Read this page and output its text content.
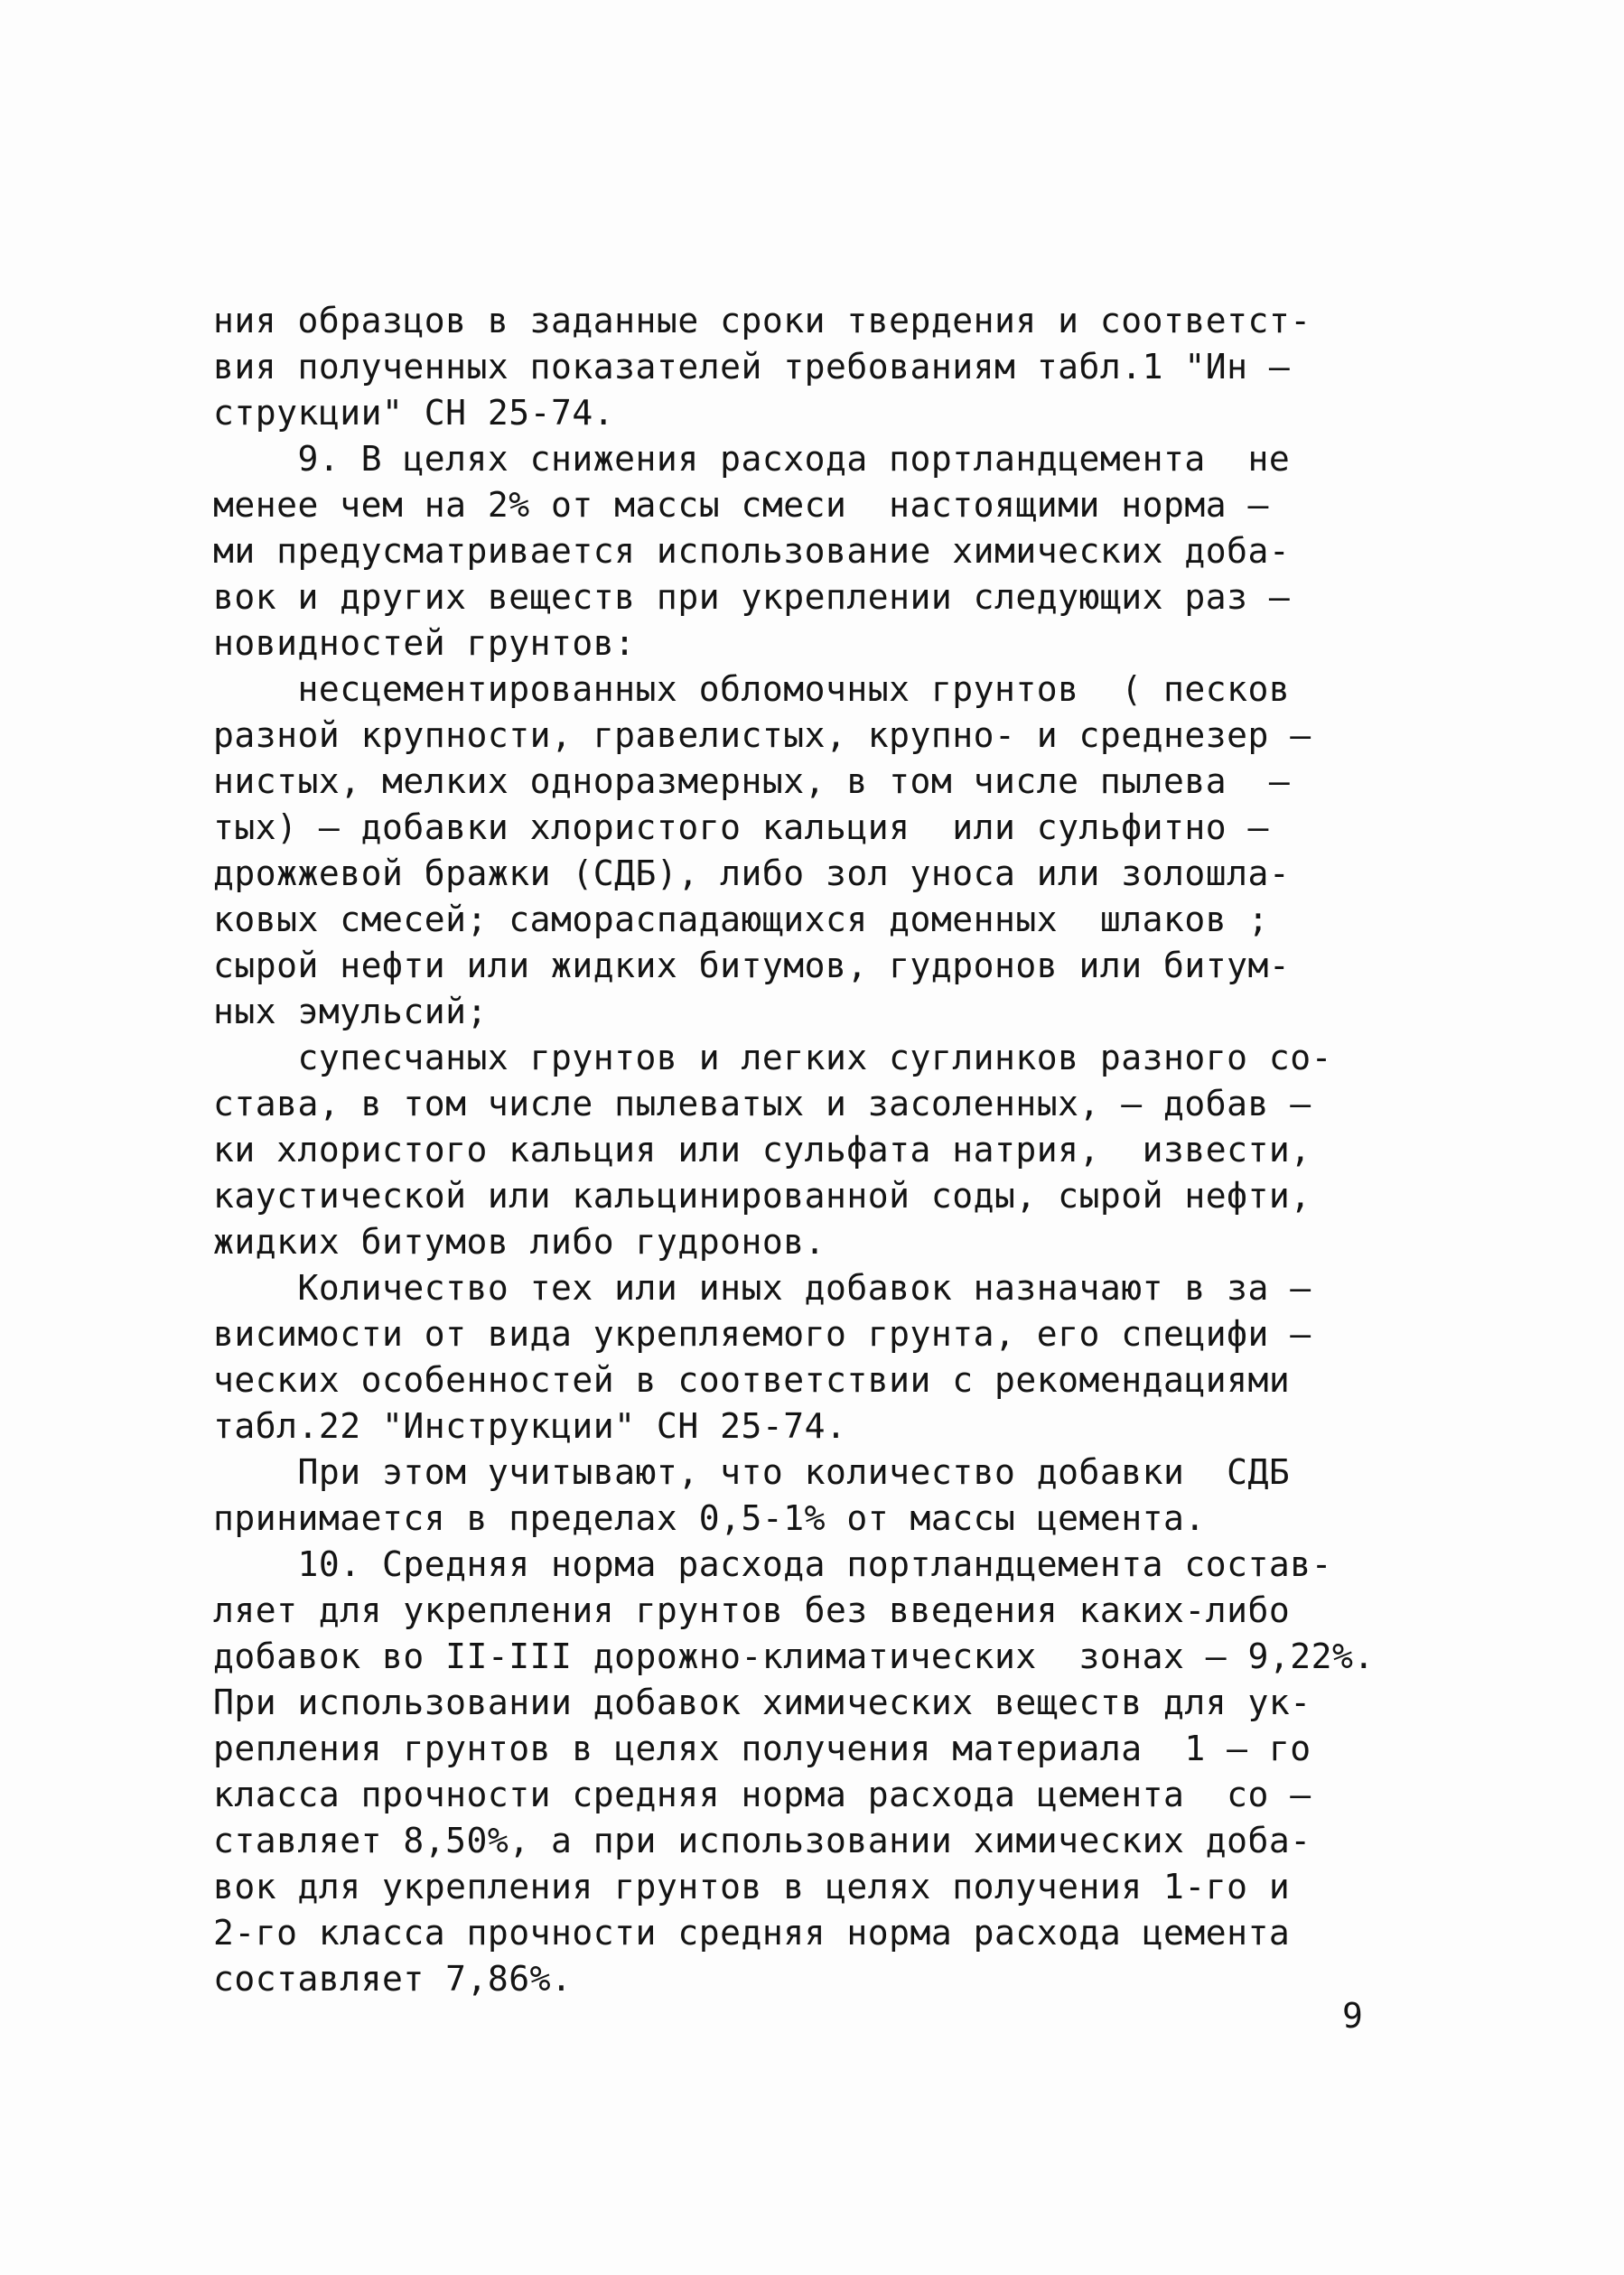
ния образцов в заданные сроки твердения и соответст-
вия полученных показателей требованиям табл.1 "Ин –
струкции" СН 25-74.
9. В целях снижения расхода портландцемента  не
менее чем на 2% от массы смеси  настоящими норма –
ми предусматривается использование химических доба-
вок и других веществ при укреплении следующих раз –
новидностей грунтов:
несцементированных обломочных грунтов  ( песков
разной крупности, гравелистых, крупно- и среднезер –
нистых, мелких одноразмерных, в том числе пылева  –
тых) – добавки хлористого кальция  или сульфитно –
дрожжевой бражки (СДБ), либо зол уноса или золошла-
ковых смесей; самораспадающихся доменных  шлаков ;
сырой нефти или жидких битумов, гудронов или битум-
ных эмульсий;
супесчаных грунтов и легких суглинков разного со-
става, в том числе пылеватых и засоленных, – добав –
ки хлористого кальция или сульфата натрия,  извести,
каустической или кальцинированной соды, сырой нефти,
жидких битумов либо гудронов.
Количество тех или иных добавок назначают в за –
висимости от вида укрепляемого грунта, его специфи –
ческих особенностей в соответствии с рекомендациями
табл.22 "Инструкции" СН 25-74.
При этом учитывают, что количество добавки  СДБ
принимается в пределах 0,5-1% от массы цемента.
10. Средняя норма расхода портландцемента состав-
ляет для укрепления грунтов без введения каких-либо
добавок во II-III дорожно-климатических  зонах – 9,22%.
При использовании добавок химических веществ для ук-
репления грунтов в целях получения материала  1 – го
класса прочности средняя норма расхода цемента  со –
ставляет 8,50%, а при использовании химических доба-
вок для укрепления грунтов в целях получения 1-го и
2-го класса прочности средняя норма расхода цемента
составляет 7,86%.
9
